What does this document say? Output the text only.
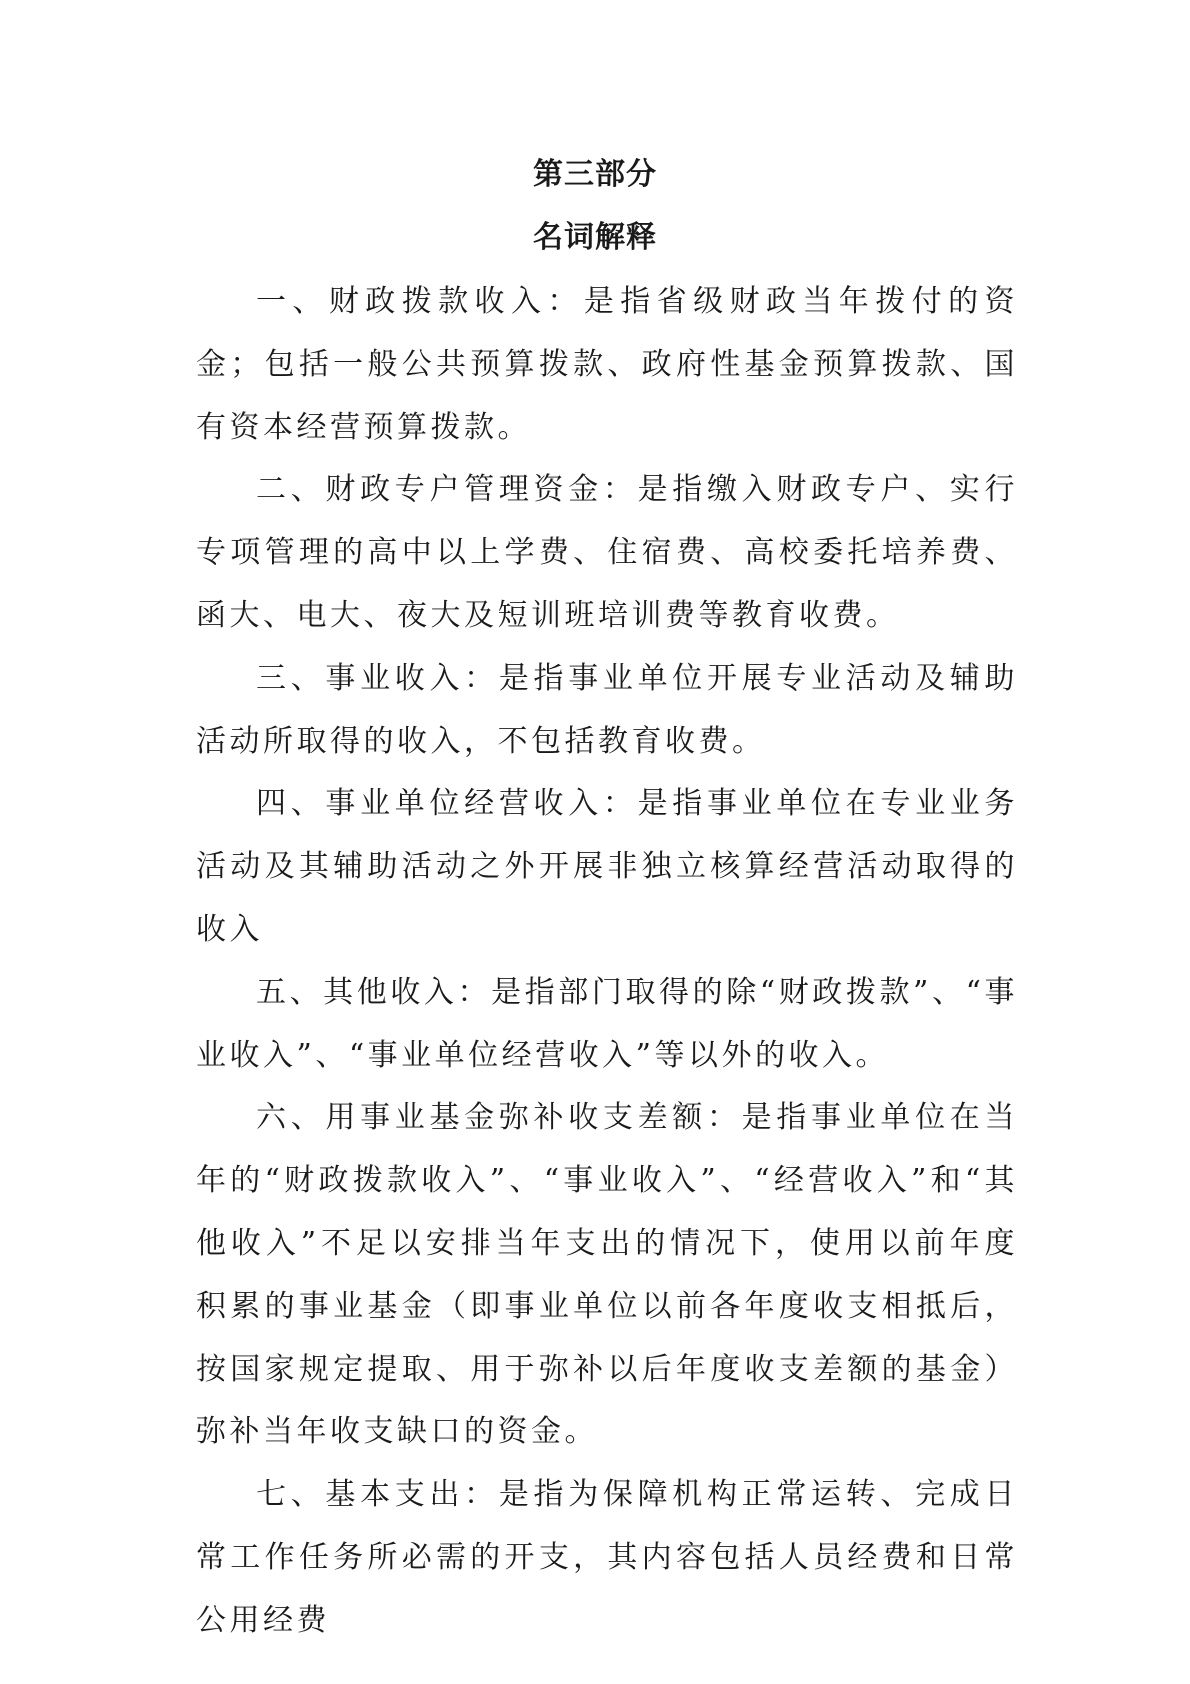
第三部分
名词解释

一、财政拨款收入：是指省级财政当年拨付的资金；包括一般公共预算拨款、政府性基金预算拨款、国有资本经营预算拨款。

二、财政专户管理资金：是指缴入财政专户、实行专项管理的高中以上学费、住宿费、高校委托培养费、函大、电大、夜大及短训班培训费等教育收费。

三、事业收入：是指事业单位开展专业活动及辅助活动所取得的收入，不包括教育收费。

四、事业单位经营收入：是指事业单位在专业业务活动及其辅助活动之外开展非独立核算经营活动取得的收入

五、其他收入：是指部门取得的除“财政拨款”、“事业收入”、“事业单位经营收入”等以外的收入。

六、用事业基金弥补收支差额：是指事业单位在当年的“财政拨款收入”、“事业收入”、“经营收入”和“其他收入”不足以安排当年支出的情况下，使用以前年度积累的事业基金（即事业单位以前各年度收支相抵后，按国家规定提取、用于弥补以后年度收支差额的基金）弥补当年收支缺口的资金。

七、基本支出：是指为保障机构正常运转、完成日常工作任务所必需的开支，其内容包括人员经费和日常公用经费
